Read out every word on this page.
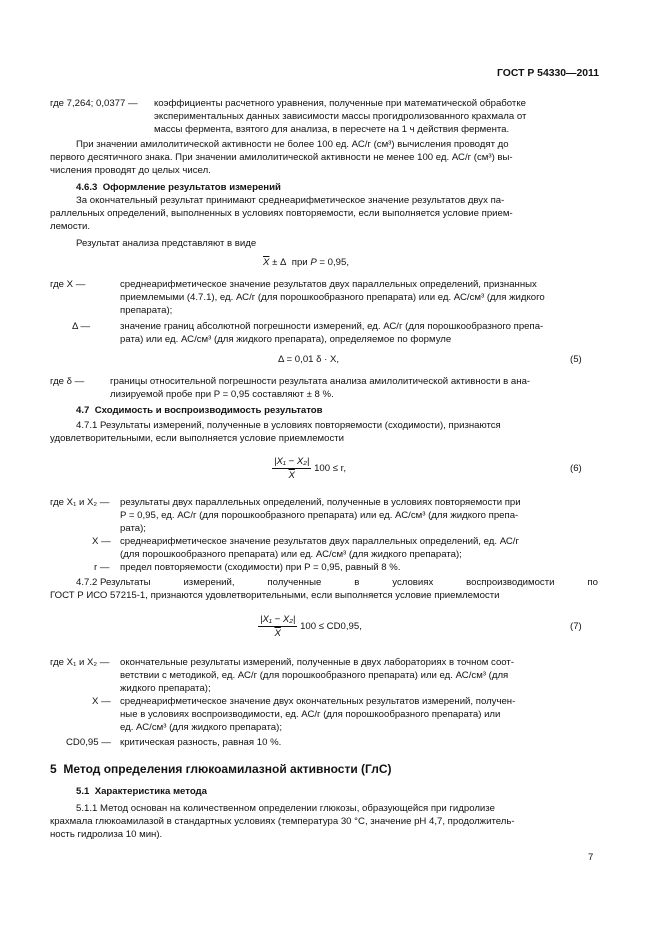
ГОСТ Р 54330—2011
где 7,264; 0,0377 — коэффициенты расчетного уравнения, полученные при математической обработке
экспериментальных данных зависимости массы прогидролизованного крахмала от
массы фермента, взятого для анализа, в пересчете на 1 ч действия фермента.
При значении амилолитической активности не более 100 ед. АС/г (см³) вычисления проводят до
первого десятичного знака. При значении амилолитической активности не менее 100 ед. АС/г (см³) вы-
числения проводят до целых чисел.
4.6.3 Оформление результатов измерений
За окончательный результат принимают среднеарифметическое значение результатов двух па-
раллельных определений, выполненных в условиях повторяемости, если выполняется условие прием-
лемости.
Результат анализа представляют в виде
$\overline{X} \pm \Delta$ при P = 0,95,
где X —	среднеарифметическое значение результатов двух параллельных определений, признанных
приемлемыми (4.7.1), ед. АС/г (для порошкообразного препарата) или ед. АС/см³ (для жидкого
препарата);
Δ —	значение границ абсолютной погрешности измерений, ед. АС/г (для порошкообразного препа-
рата) или ед. АС/см³ (для жидкого препарата), определяемое по формуле
Δ = 0,01 δ · X,	(5)
где δ —	границы относительной погрешности результата анализа амилолитической активности в ана-
лизируемой пробе при P = 0,95 составляют ± 8 %.
4.7 Сходимость и воспроизводимость результатов
4.7.1 Результаты измерений, полученные в условиях повторяемости (сходимости), признаются
удовлетворительными, если выполняется условие приемлемости
$\frac{\text{|X₁ − X₂|}}{X} 100 \le r$,	(6)
где X₁ и X₂ — результаты двух параллельных определений, полученные в условиях повторяемости при
P = 0,95, ед. АС/г (для порошкообразного препарата) или ед. АС/см³ (для жидкого препа-
рата);
X — среднеарифметическое значение результатов двух параллельных определений, ед. АС/г
(для порошкообразного препарата) или ед. АС/см³ (для жидкого препарата);
r — предел повторяемости (сходимости) при P = 0,95, равный 8 %.
4.7.2 Результаты	измерений,	полученные	в	условиях	воспроизводимости	по
ГОСТ Р ИСО 57215-1, признаются удовлетворительными, если выполняется условие приемлемости
$\frac{\text{|X₁ − X₂|}}{X} 100 \le CD0,95$,	(7)
где X₁ и X₂ — окончательные результаты измерений, полученные в двух лабораториях в точном соот-
ветствии с методикой, ед. АС/г (для порошкообразного препарата) или ед. АС/см³ (для
жидкого препарата);
X — среднеарифметическое значение двух окончательных результатов измерений, получен-
ные в условиях воспроизводимости, ед. АС/г (для порошкообразного препарата) или
ед. АС/см³ (для жидкого препарата);
CD0,95 — критическая разность, равная 10 %.
5 Метод определения глюкоамилазной активности (ГлС)
5.1 Характеристика метода
5.1.1 Метод основан на количественном определении глюкозы, образующейся при гидролизе
крахмала глюкоамилазой в стандартных условиях (температура 30 °С, значение рН 4,7, продолжитель-
ность гидролиза 10 мин).
7
